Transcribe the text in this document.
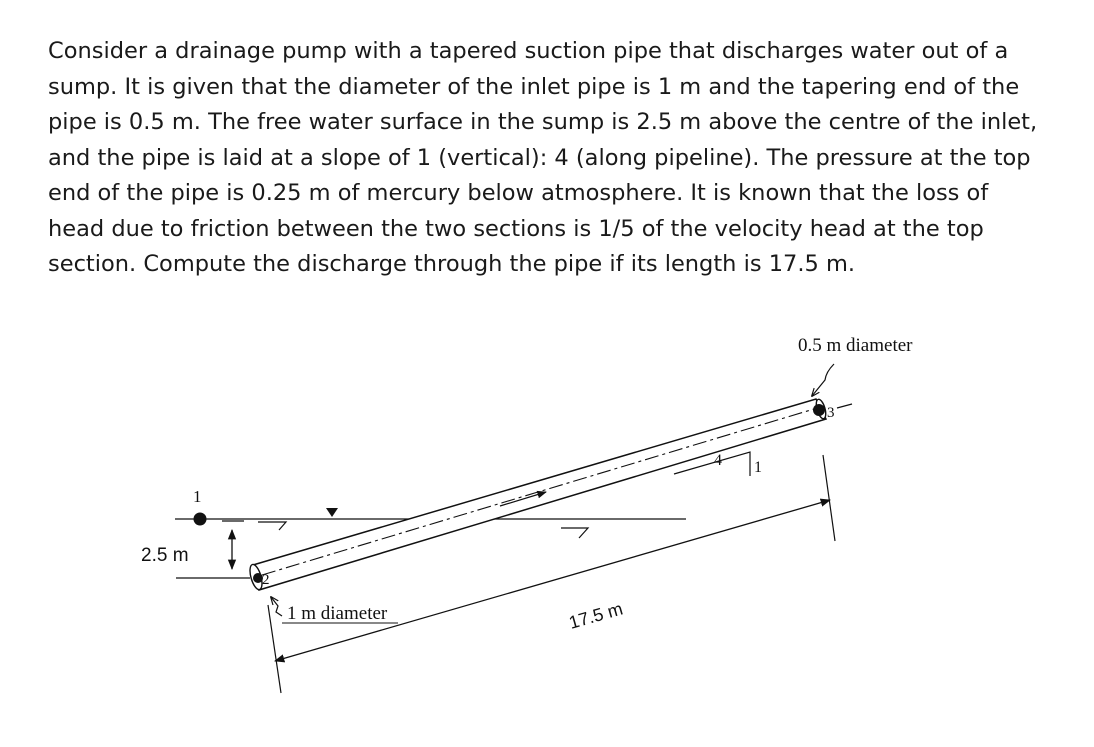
Consider a drainage pump with a tapered suction pipe that discharges water out of a

sump. It is given that the diameter of the inlet pipe is 1 m and the tapering end of the

pipe is 0.5 m. The free water surface in the sump is 2.5 m above the centre of the inlet,

and the pipe is laid at a slope of 1 (vertical): 4 (along pipeline). The pressure at the top

end of the pipe is 0.25 m of mercury below atmosphere. It is known that the loss of

head due to friction between the two sections is 1/5 of the velocity head at the top

section. Compute the discharge through the pipe if its length is 17.5 m.

1
2.5 m
2
3
4 1
0.5 m diameter
1 m diameter	17.5 m
